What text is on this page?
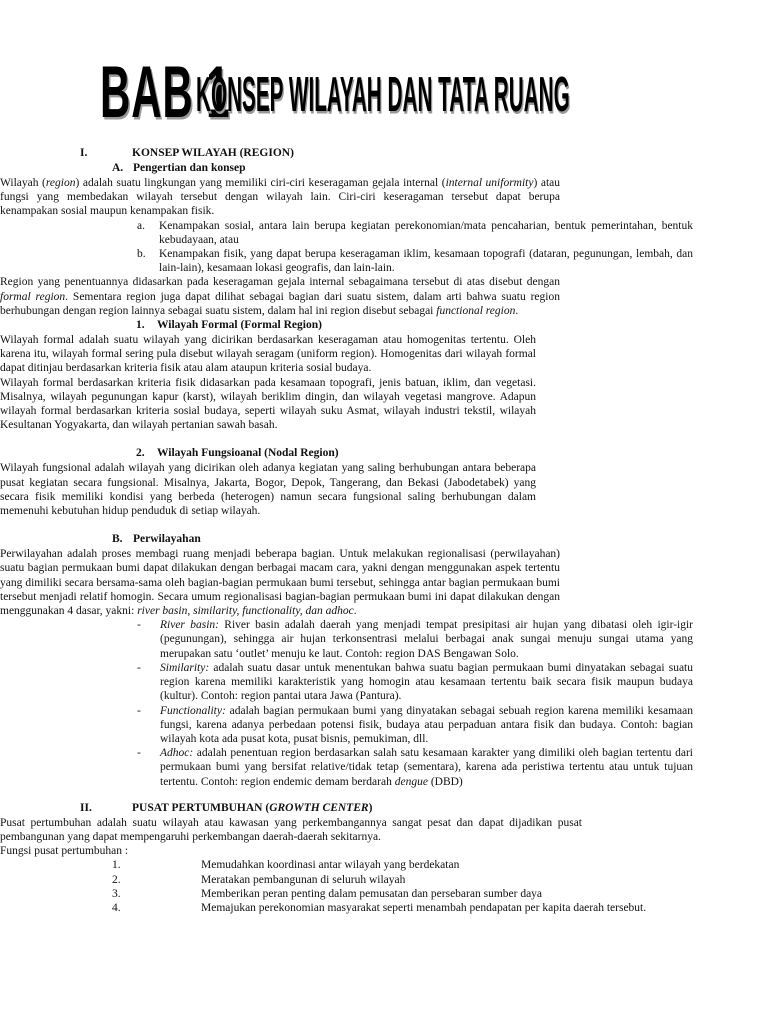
BAB 1
KONSEP WILAYAH DAN TATA RUANG
I.	KONSEP WILAYAH (REGION)
A. Pengertian dan konsep

Wilayah (region) adalah suatu lingkungan yang memiliki ciri-ciri keseragaman gejala internal (internal uniformity) atau fungsi yang membedakan wilayah tersebut dengan wilayah lain. Ciri-ciri keseragaman tersebut dapat berupa kenampakan sosial maupun kenampakan fisik.

a. Kenampakan sosial, antara lain berupa kegiatan perekonomian/mata pencaharian, bentuk pemerintahan, bentuk kebudayaan, atau
b. Kenampakan fisik, yang dapat berupa keseragaman iklim, kesamaan topografi (dataran, pegunungan, lembah, dan lain-lain), kesamaan lokasi geografis, dan lain-lain.

Region yang penentuannya didasarkan pada keseragaman gejala internal sebagaimana tersebut di atas disebut dengan formal region. Sementara region juga dapat dilihat sebagai bagian dari suatu sistem, dalam arti bahwa suatu region berhubungan dengan region lainnya sebagai suatu sistem, dalam hal ini region disebut sebagai functional region.

1. Wilayah Formal (Formal Region)

Wilayah formal adalah suatu wilayah yang dicirikan berdasarkan keseragaman atau homogenitas tertentu. Oleh karena itu, wilayah formal sering pula disebut wilayah seragam (uniform region). Homogenitas dari wilayah formal dapat ditinjau berdasarkan kriteria fisik atau alam ataupun kriteria sosial budaya.

Wilayah formal berdasarkan kriteria fisik didasarkan pada kesamaan topografi, jenis batuan, iklim, dan vegetasi. Misalnya, wilayah pegunungan kapur (karst), wilayah beriklim dingin, dan wilayah vegetasi mangrove. Adapun wilayah formal berdasarkan kriteria sosial budaya, seperti wilayah suku Asmat, wilayah industri tekstil, wilayah Kesultanan Yogyakarta, dan wilayah pertanian sawah basah.

2. Wilayah Fungsioanal (Nodal Region)

Wilayah fungsional adalah wilayah yang dicirikan oleh adanya kegiatan yang saling berhubungan antara beberapa pusat kegiatan secara fungsional. Misalnya, Jakarta, Bogor, Depok, Tangerang, dan Bekasi (Jabodetabek) yang secara fisik memiliki kondisi yang berbeda (heterogen) namun secara fungsional saling berhubungan dalam memenuhi kebutuhan hidup penduduk di setiap wilayah.

B. Perwilayahan

Perwilayahan adalah proses membagi ruang menjadi beberapa bagian. Untuk melakukan regionalisasi (perwilayahan) suatu bagian permukaan bumi dapat dilakukan dengan berbagai macam cara, yakni dengan menggunakan aspek tertentu yang dimiliki secara bersama-sama oleh bagian-bagian permukaan bumi tersebut, sehingga antar bagian permukaan bumi tersebut menjadi relatif homogin. Secara umum regionalisasi bagian-bagian permukaan bumi ini dapat dilakukan dengan menggunakan 4 dasar, yakni: river basin, similarity, functionality, dan adhoc.

- River basin: River basin adalah daerah yang menjadi tempat presipitasi air hujan yang dibatasi oleh igir-igir (pegunungan), sehingga air hujan terkonsentrasi melalui berbagai anak sungai menuju sungai utama yang merupakan satu ‘outlet’ menuju ke laut. Contoh: region DAS Bengawan Solo.
- Similarity: adalah suatu dasar untuk menentukan bahwa suatu bagian permukaan bumi dinyatakan sebagai suatu region karena memiliki karakteristik yang homogin atau kesamaan tertentu baik secara fisik maupun budaya (kultur). Contoh: region pantai utara Jawa (Pantura).
- Functionality: adalah bagian permukaan bumi yang dinyatakan sebagai sebuah region karena memiliki kesamaan fungsi, karena adanya perbedaan potensi fisik, budaya atau perpaduan antara fisik dan budaya. Contoh: bagian wilayah kota ada pusat kota, pusat bisnis, pemukiman, dll.
- Adhoc: adalah penentuan region berdasarkan salah satu kesamaan karakter yang dimiliki oleh bagian tertentu dari permukaan bumi yang bersifat relative/tidak tetap (sementara), karena ada peristiwa tertentu atau untuk tujuan tertentu. Contoh: region endemic demam berdarah dengue (DBD)
II.	PUSAT PERTUMBUHAN (GROWTH CENTER)

Pusat pertumbuhan adalah suatu wilayah atau kawasan yang perkembangannya sangat pesat dan dapat dijadikan pusat pembangunan yang dapat mempengaruhi perkembangan daerah-daerah sekitarnya.

Fungsi pusat pertumbuhan :

1.	Memudahkan koordinasi antar wilayah yang berdekatan
2.	Meratakan pembangunan di seluruh wilayah
3.	Memberikan peran penting dalam pemusatan dan persebaran sumber daya
4.	Memajukan perekonomian masyarakat seperti menambah pendapatan per kapita daerah tersebut.
